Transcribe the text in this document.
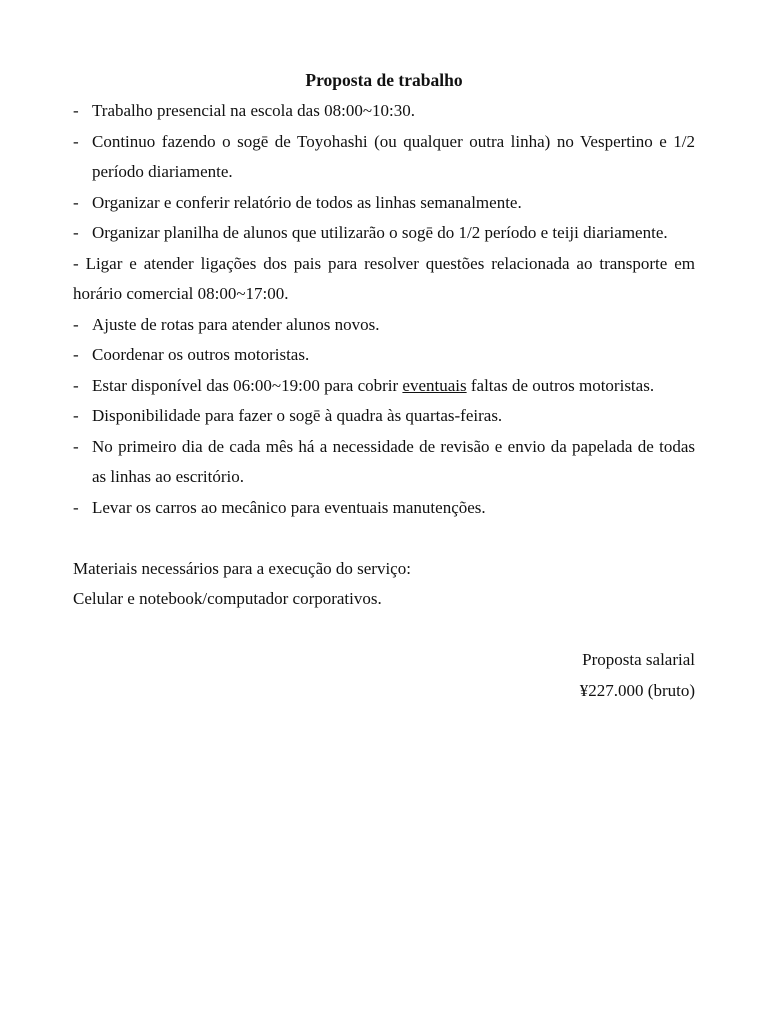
Proposta de trabalho
- Trabalho presencial na escola das 08:00~10:30.
- Continuo fazendo o sogē de Toyohashi (ou qualquer outra linha) no Vespertino e 1/2 período diariamente.
- Organizar e conferir relatório de todos as linhas semanalmente.
- Organizar planilha de alunos que utilizarão o sogē do 1/2 período e teiji diariamente.
- Ligar e atender ligações dos pais para resolver questões relacionada ao transporte em horário comercial 08:00~17:00.
- Ajuste de rotas para atender alunos novos.
- Coordenar os outros motoristas.
- Estar disponível das 06:00~19:00 para cobrir eventuais faltas de outros motoristas.
- Disponibilidade para fazer o sogē à quadra às quartas-feiras.
- No primeiro dia de cada mês há a necessidade de revisão e envio da papelada de todas as linhas ao escritório.
- Levar os carros ao mecânico para eventuais manutenções.
Materiais necessários para a execução do serviço:
Celular e notebook/computador corporativos.
Proposta salarial
¥227.000 (bruto)
